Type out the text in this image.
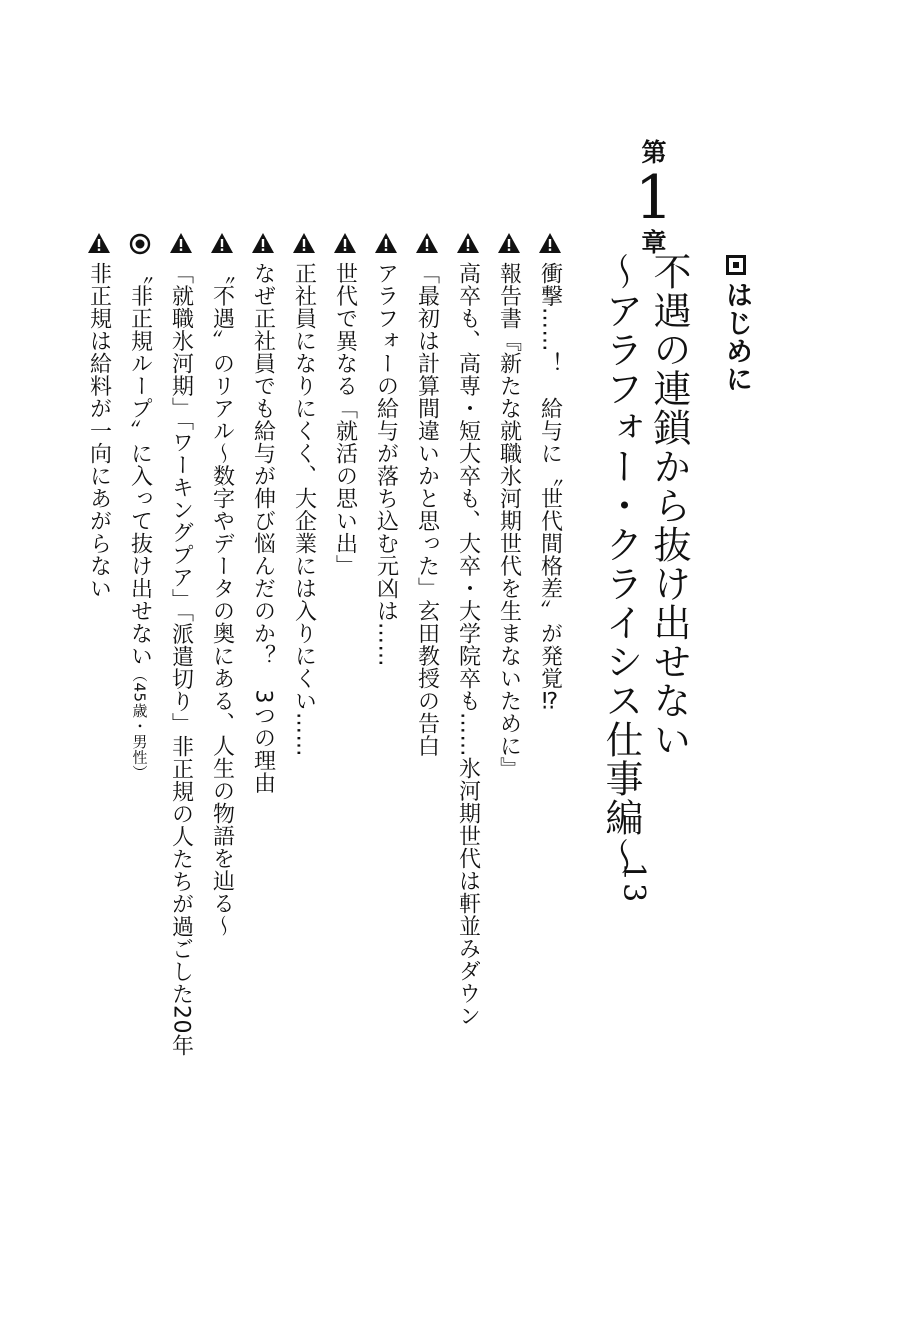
はじめに
第
1
章
不遇の連鎖から抜け出せない
～アラフォー・クライシス仕事編～
13
衝撃……！　給与に〝世代間格差〟が発覚⁉
報告書『新たな就職氷河期世代を生まないために』
高卒も、高専・短大卒も、大卒・大学院卒も……氷河期世代は軒並みダウン
「最初は計算間違いかと思った」玄田教授の告白
アラフォーの給与が落ち込む元凶は……
世代で異なる「就活の思い出」
正社員になりにくく、大企業には入りにくい……
なぜ正社員でも給与が伸び悩んだのか？　3つの理由
〝不遇〟のリアル～数字やデータの奥にある、人生の物語を辿る～
「就職氷河期」「ワーキングプア」「派遣切り」非正規の人たちが過ごした20年
〝非正規ループ〟に入って抜け出せない
（45歳・男性）
非正規は給料が一向にあがらない
